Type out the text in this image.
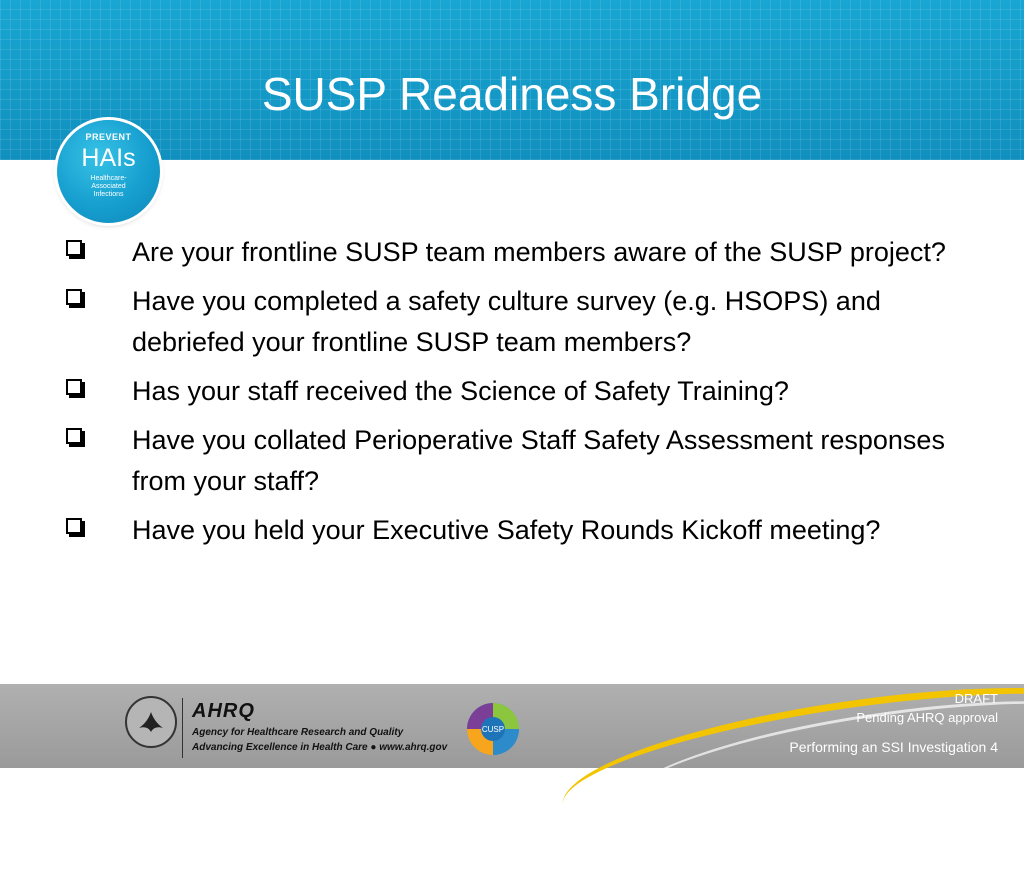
SUSP Readiness Bridge
PREVENT
HAIs
Healthcare-
Associated
Infections
Are your frontline SUSP team members aware of the SUSP project?
Have you completed a safety culture survey (e.g. HSOPS) and debriefed your frontline SUSP team members?
Has your staff received the Science of Safety Training?
Have you collated Perioperative Staff Safety Assessment responses from your staff?
Have you held your Executive Safety Rounds Kickoff meeting?
AHRQ
Agency for Healthcare Research and Quality
Advancing Excellence in Health Care ● www.ahrq.gov
CUSP
DRAFT
Pending AHRQ approval
Performing an SSI Investigation 4
